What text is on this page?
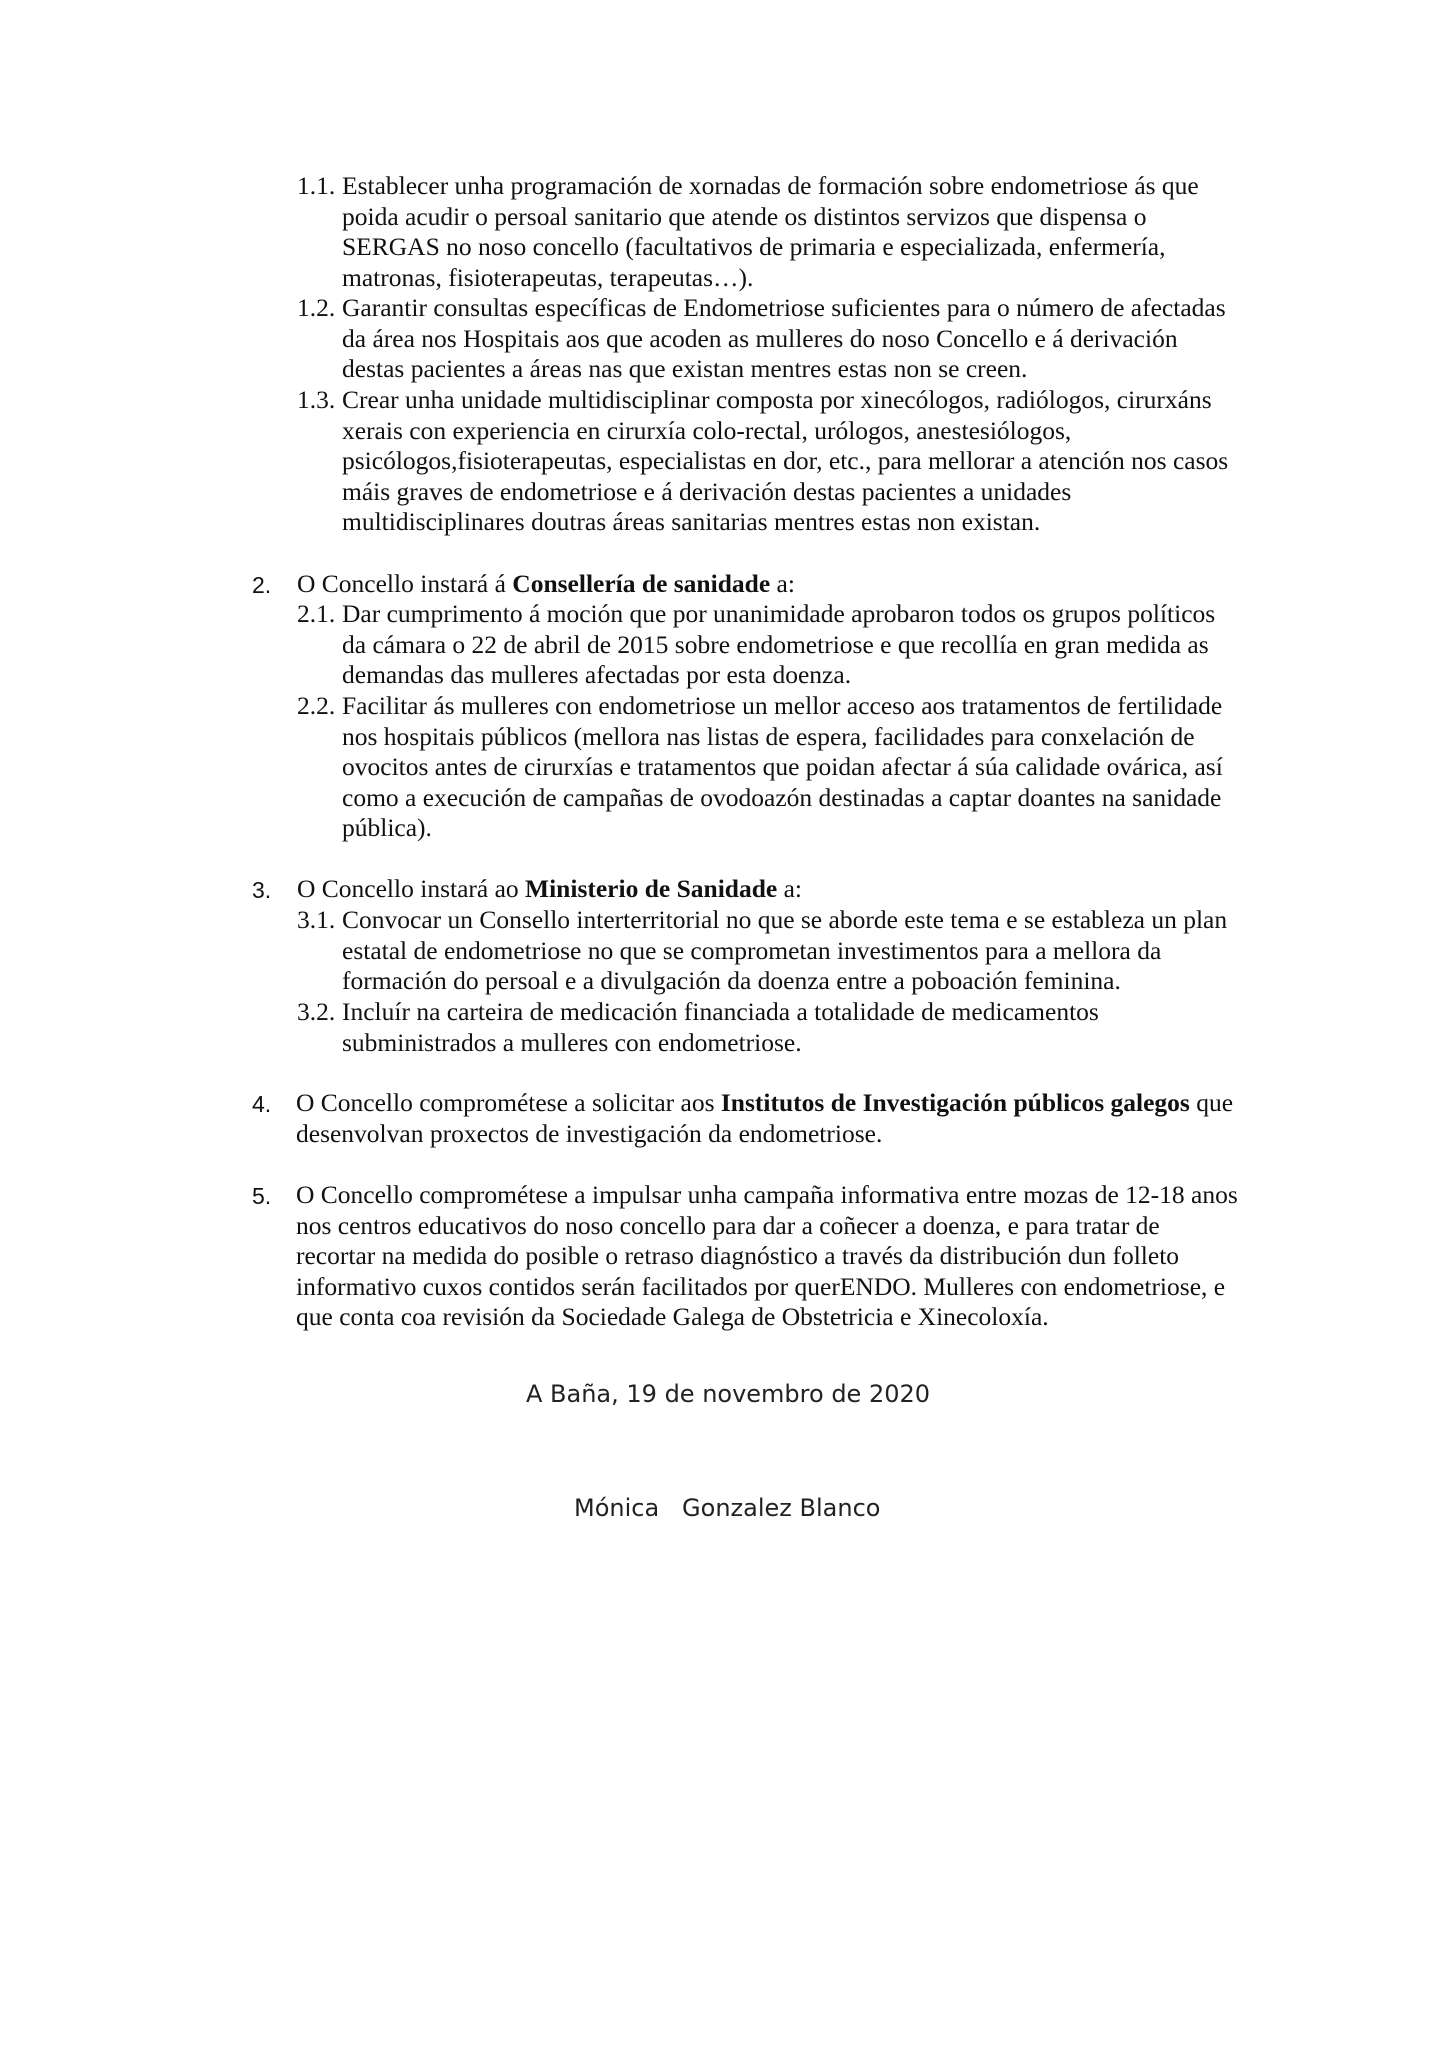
1.1. Establecer unha programación de xornadas de formación sobre endometriose ás que poida acudir o persoal sanitario que atende os distintos servizos que dispensa o SERGAS no noso concello (facultativos de primaria e especializada, enfermería, matronas, fisioterapeutas, terapeutas…).
1.2. Garantir consultas específicas de Endometriose suficientes para o número de afectadas da área nos Hospitais aos que acoden as mulleres do noso Concello e á derivación destas pacientes a áreas nas que existan mentres estas non se creen.
1.3. Crear unha unidade multidisciplinar composta por xinecólogos, radiólogos, cirurxáns xerais con experiencia en cirurxía colo-rectal, urólogos, anestesiólogos, psicólogos,fisioterapeutas, especialistas en dor, etc., para mellorar a atención nos casos máis graves de endometriose e á derivación destas pacientes a unidades multidisciplinares doutras áreas sanitarias mentres estas non existan.
2. O Concello instará á Consellería de sanidade a:
2.1. Dar cumprimento á moción que por unanimidade aprobaron todos os grupos políticos da cámara o 22 de abril de 2015 sobre endometriose e que recollía en gran medida as demandas das mulleres afectadas por esta doenza.
2.2. Facilitar ás mulleres con endometriose un mellor acceso aos tratamentos de fertilidade nos hospitais públicos (mellora nas listas de espera, facilidades para conxelación de ovocitos antes de cirurxías e tratamentos que poidan afectar á súa calidade ovárica, así como a execución de campañas de ovodoazón destinadas a captar doantes na sanidade pública).
3. O Concello instará ao Ministerio de Sanidade a:
3.1. Convocar un Consello interterritorial no que se aborde este tema e se estableza un plan estatal de endometriose no que se comprometan investimentos para a mellora da formación do persoal e a divulgación da doenza entre a poboación feminina.
3.2. Incluír na carteira de medicación financiada a totalidade de medicamentos subministrados a mulleres con endometriose.
4. O Concello comprométese a solicitar aos Institutos de Investigación públicos galegos que desenvolvan proxectos de investigación da endometriose.
5. O Concello comprométese a impulsar unha campaña informativa entre mozas de 12-18 anos nos centros educativos do noso concello para dar a coñecer a doenza, e para tratar de recortar na medida do posible o retraso diagnóstico a través da distribución dun folleto informativo cuxos contidos serán facilitados por querENDO. Mulleres con endometriose, e que conta coa revisión da Sociedade Galega de Obstetricia e Xinecoloxía.
A Baña, 19 de novembro de 2020
Mónica   Gonzalez Blanco
